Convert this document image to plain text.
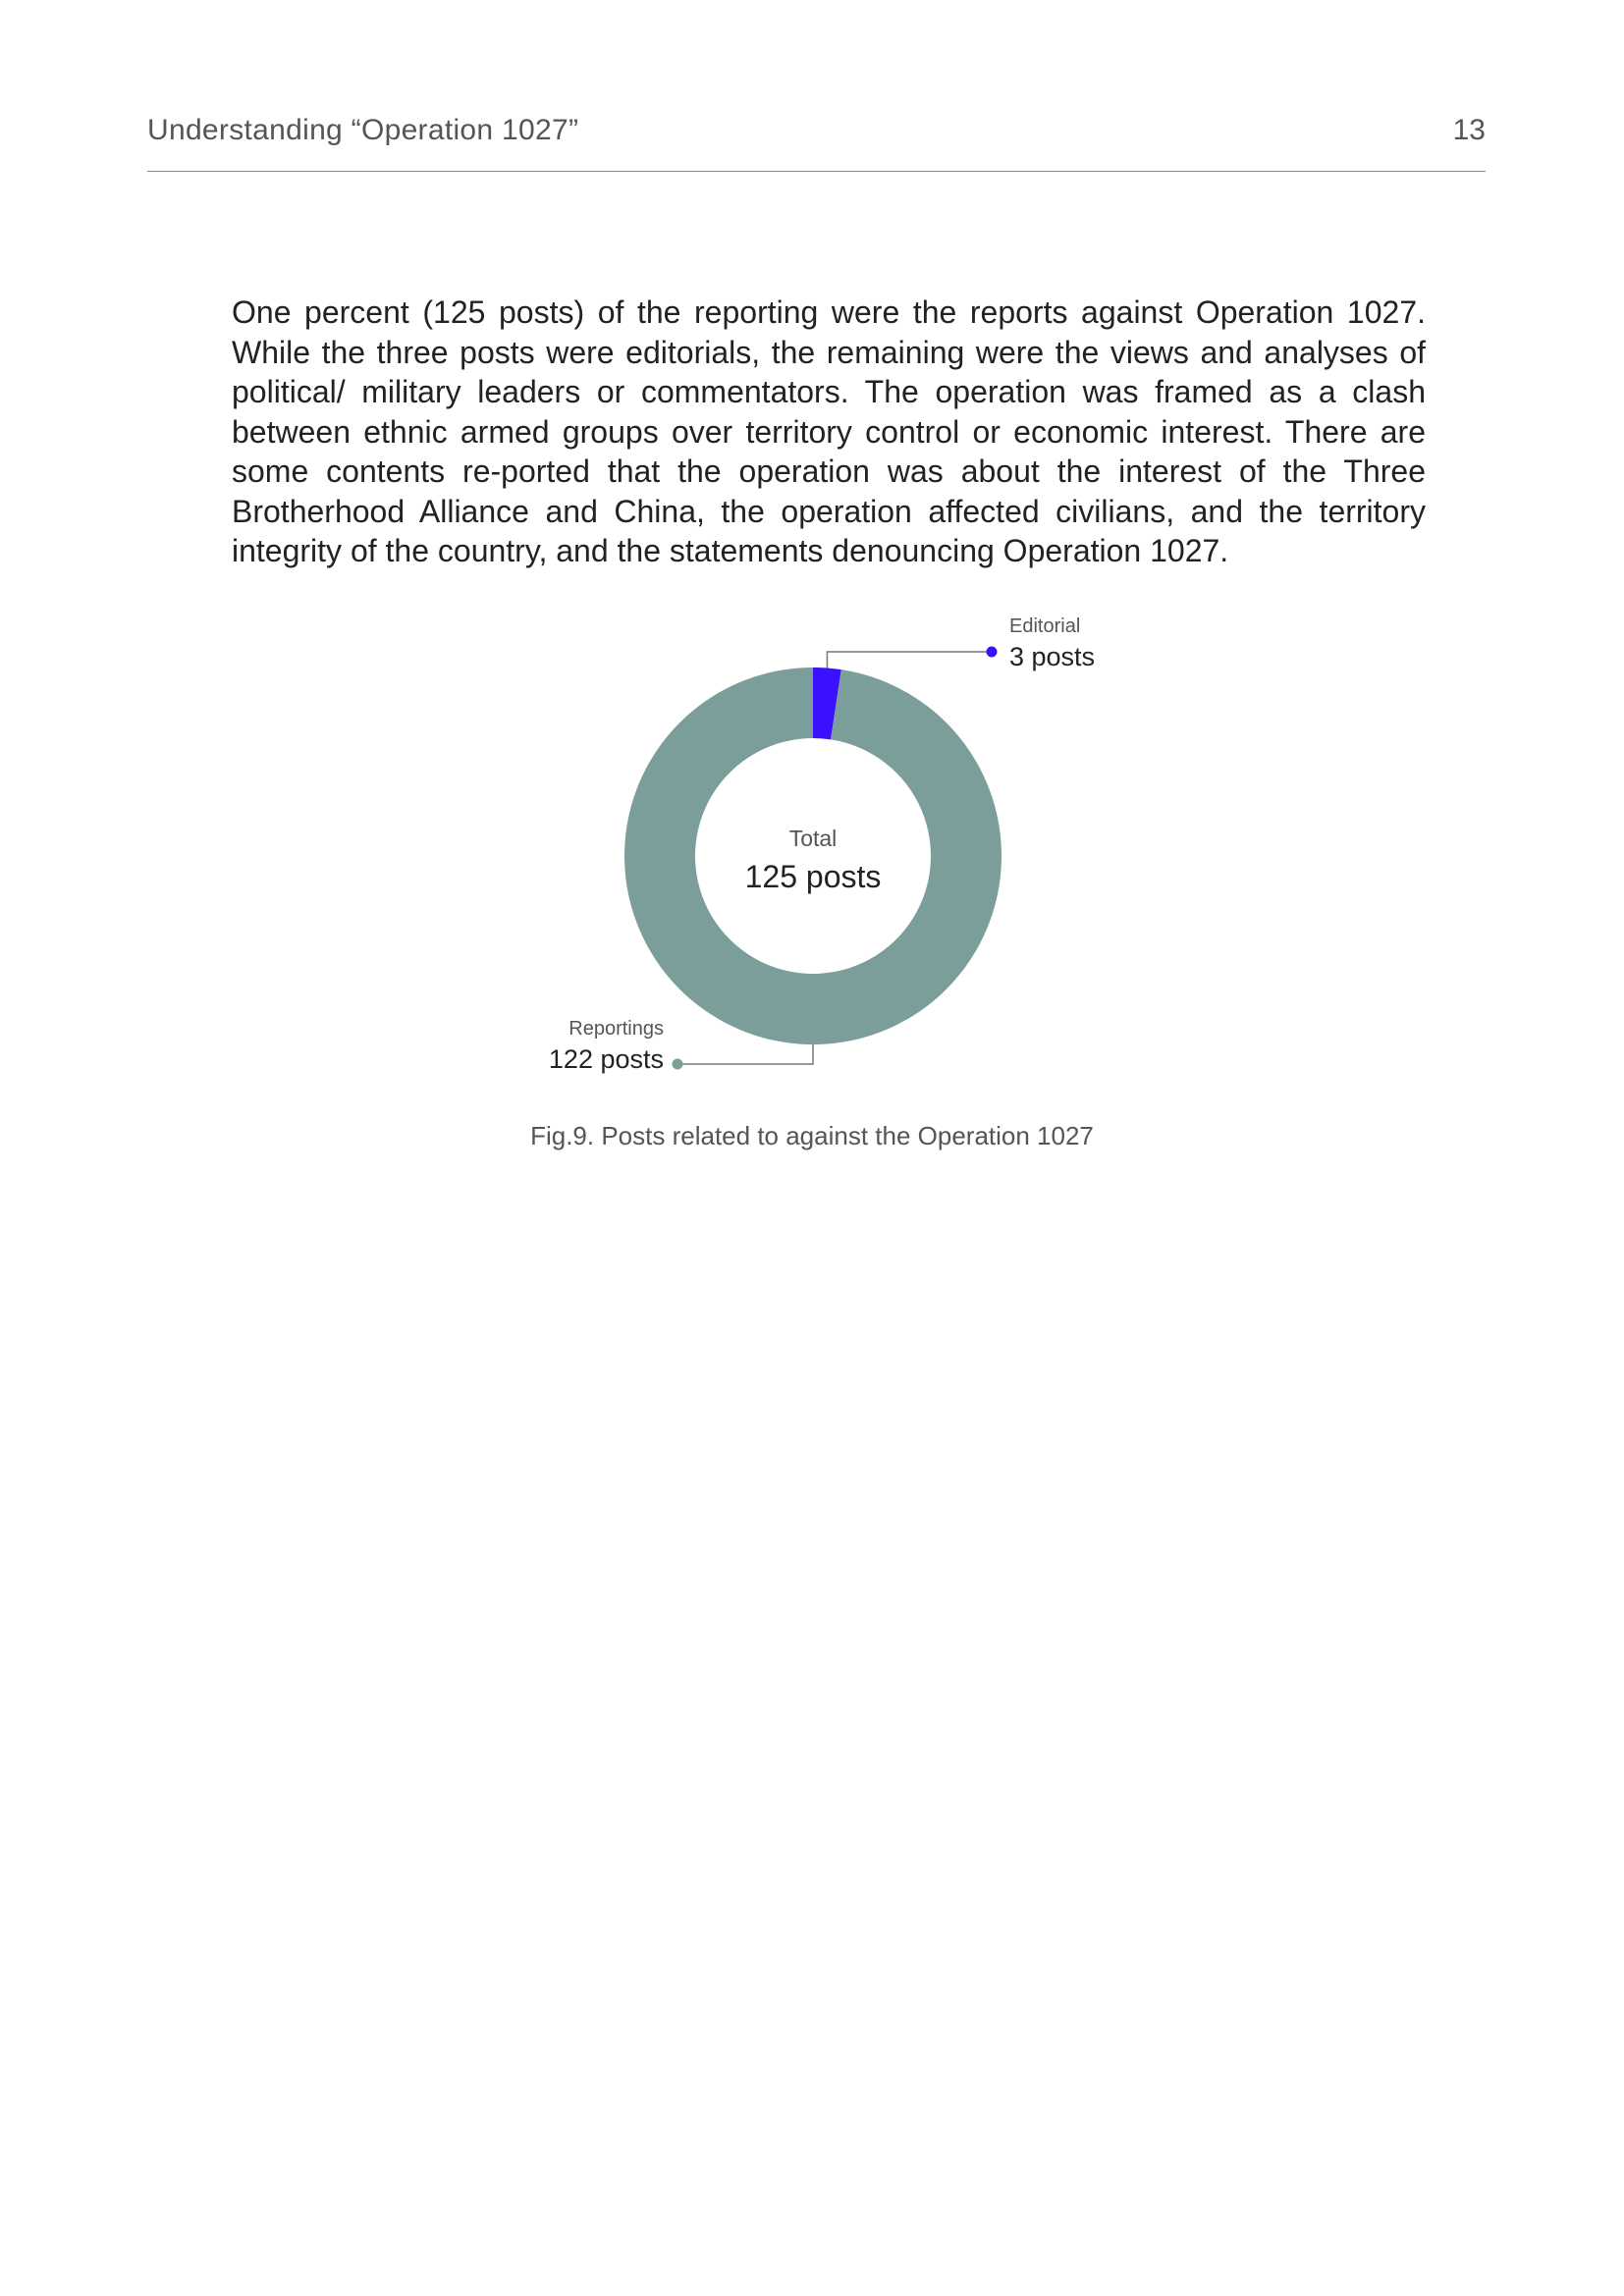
Understanding “Operation 1027”	13

One percent (125 posts) of the reporting were the reports against Operation 1027. While the three posts were editorials, the remaining were the views and analyses of political/ military leaders or commentators. The operation was framed as a clash between ethnic armed groups over territory control or economic interest. There are some contents re-ported that the operation was about the interest of the Three Brotherhood Alliance and China, the operation affected civilians, and the territory integrity of the country, and the statements denouncing Operation 1027.

Editorial
3 posts
Reportings
122 posts
Total
125 posts
Fig.9. Posts related to against the Operation 1027
